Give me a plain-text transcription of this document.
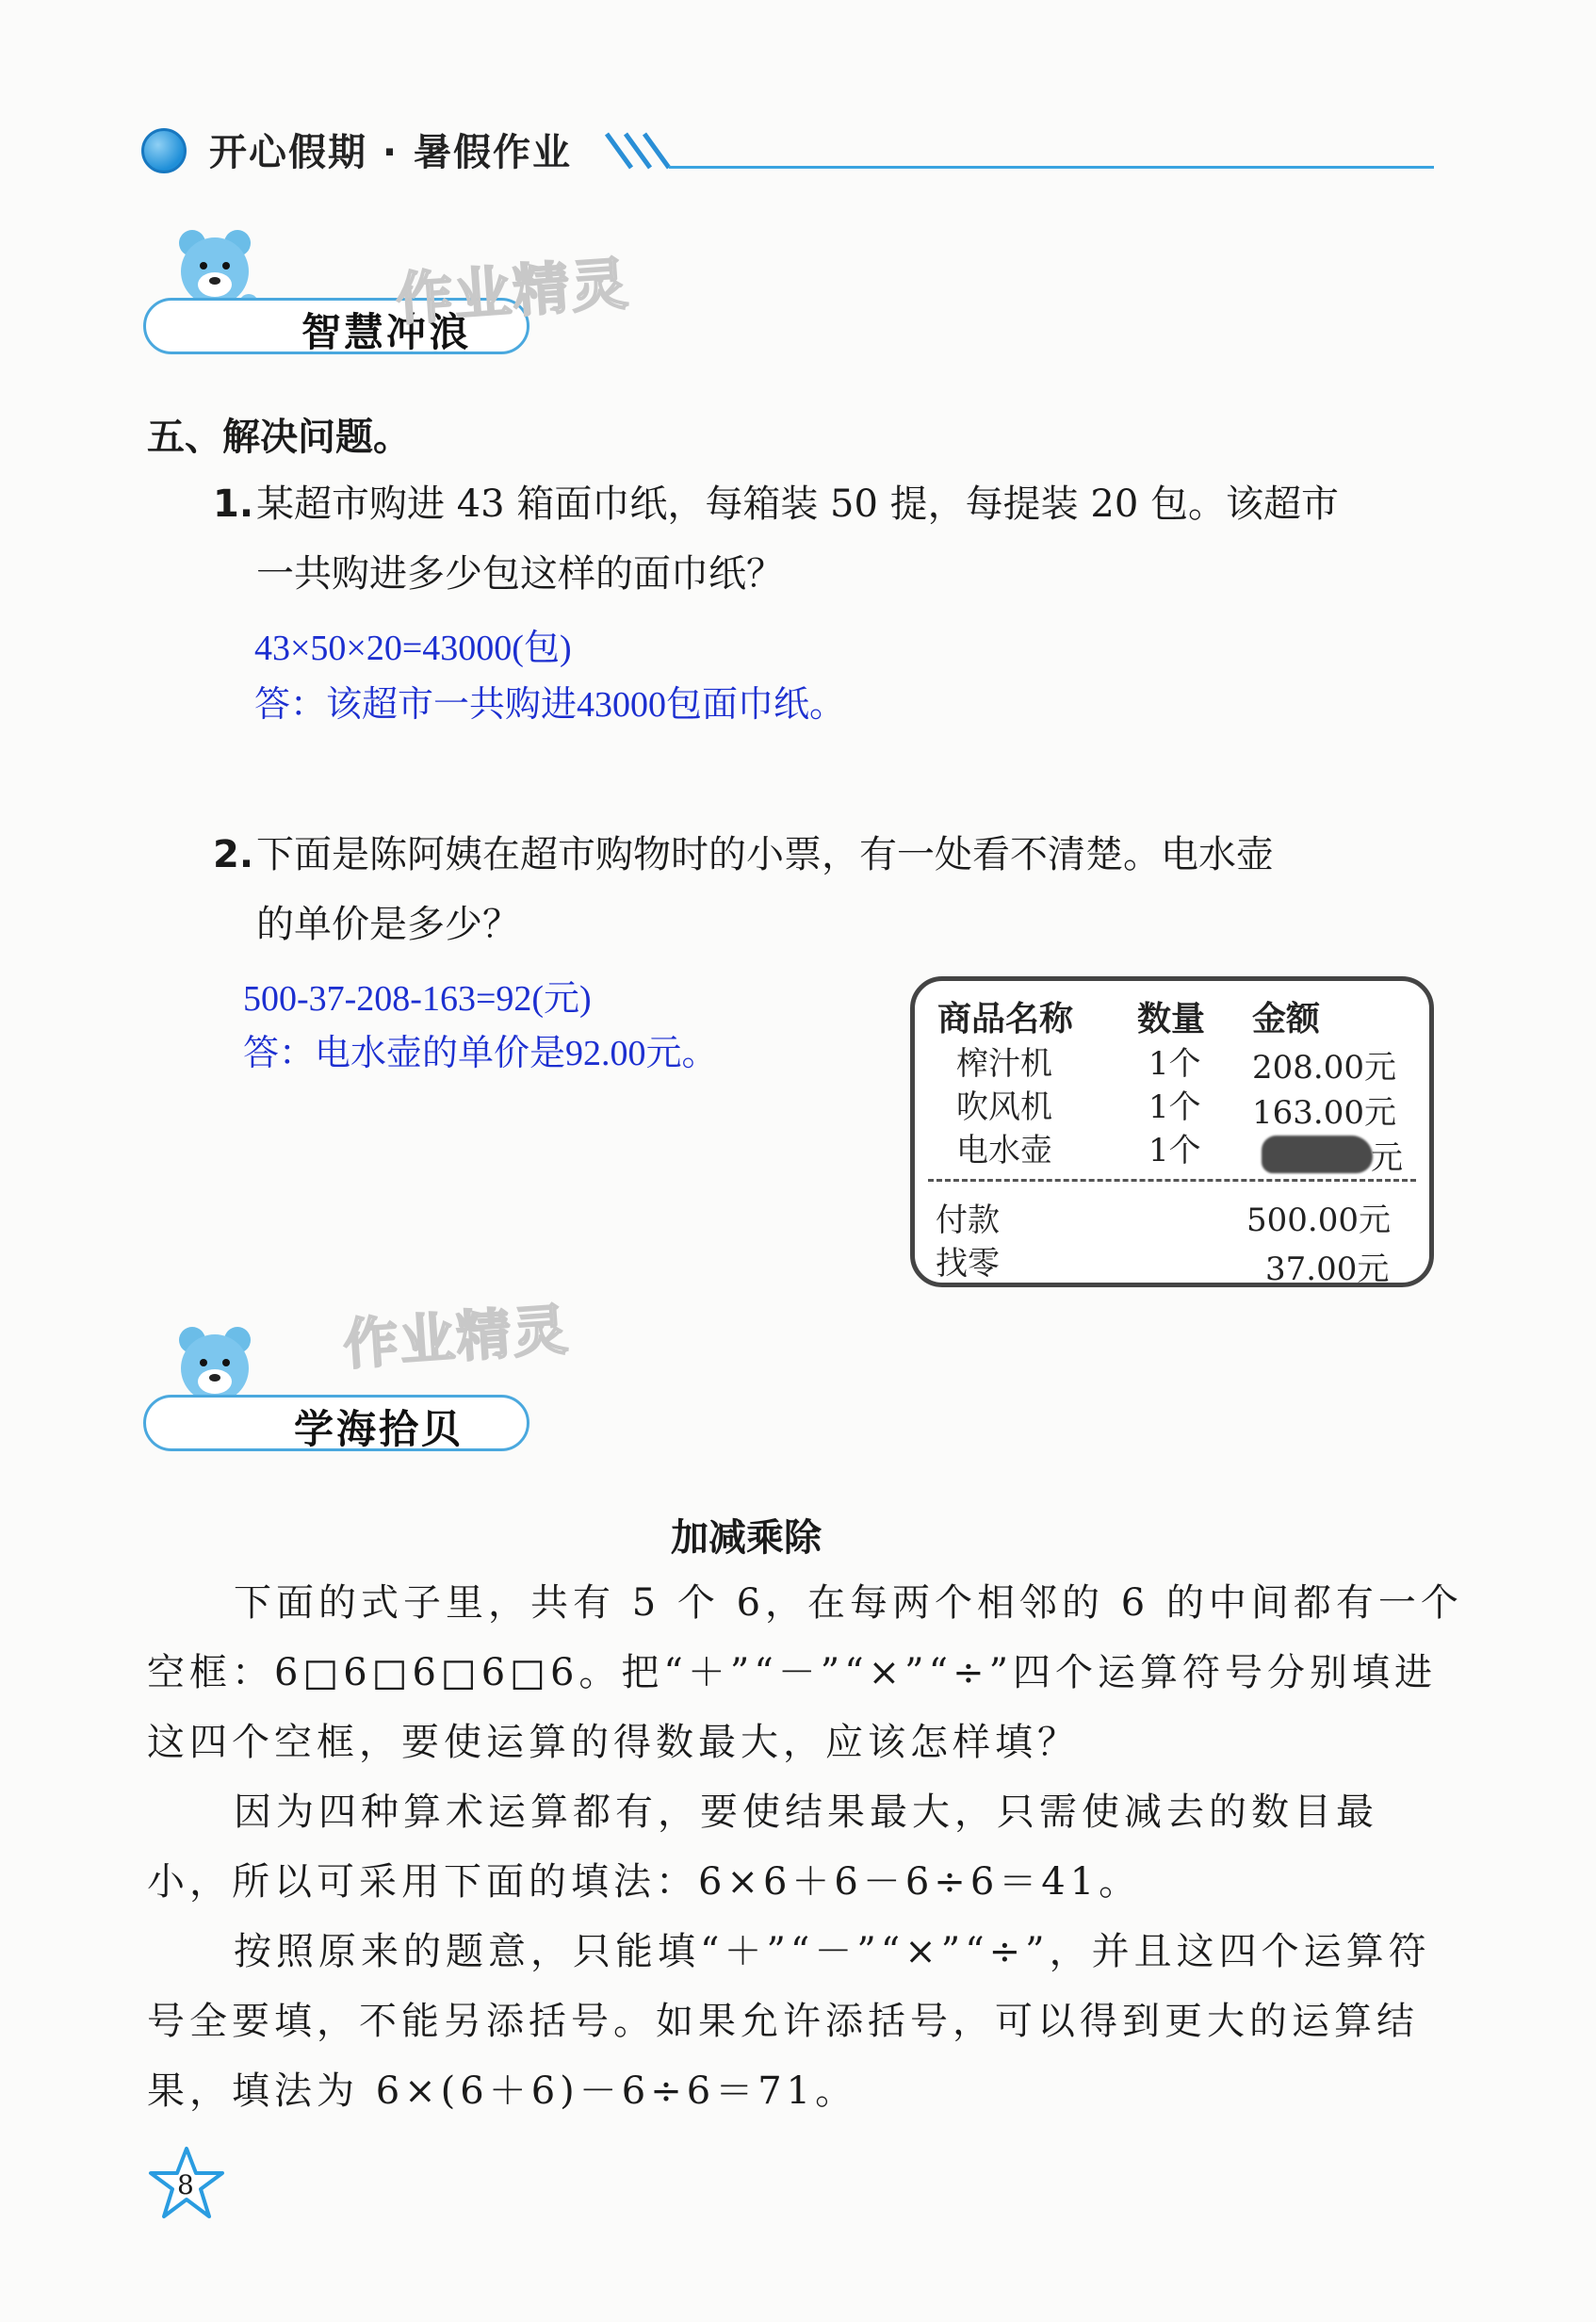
开心假期 · 暑假作业
智慧冲浪
作业精灵
五、解决问题。
1. 某超市购进 43 箱面巾纸，每箱装 50 提，每提装 20 包。该超市
一共购进多少包这样的面巾纸？
43×50×20=43000(包)
答：该超市一共购进43000包面巾纸。
2. 下面是陈阿姨在超市购物时的小票，有一处看不清楚。电水壶
的单价是多少？
500-37-208-163=92(元)
答：电水壶的单价是92.00元。
商品名称 数量 金额
榨汁机	1个 208.00元
吹风机	1个 163.00元
电水壶	1个	元
付款	500.00元
找零	37.00元
学海拾贝
作业精灵
加减乘除
下面的式子里，共有 5 个 6，在每两个相邻的 6 的中间都有一个
空框：6□6□6□6□6。把“＋”“－”“×”“÷”四个运算符号分别填进
这四个空框，要使运算的得数最大，应该怎样填？
因为四种算术运算都有，要使结果最大，只需使减去的数目最
小，所以可采用下面的填法：6×6＋6－6÷6＝41。
按照原来的题意，只能填“＋”“－”“×”“÷”，并且这四个运算符
号全要填，不能另添括号。如果允许添括号，可以得到更大的运算结
果，填法为 6×(6＋6)－6÷6＝71。
8
